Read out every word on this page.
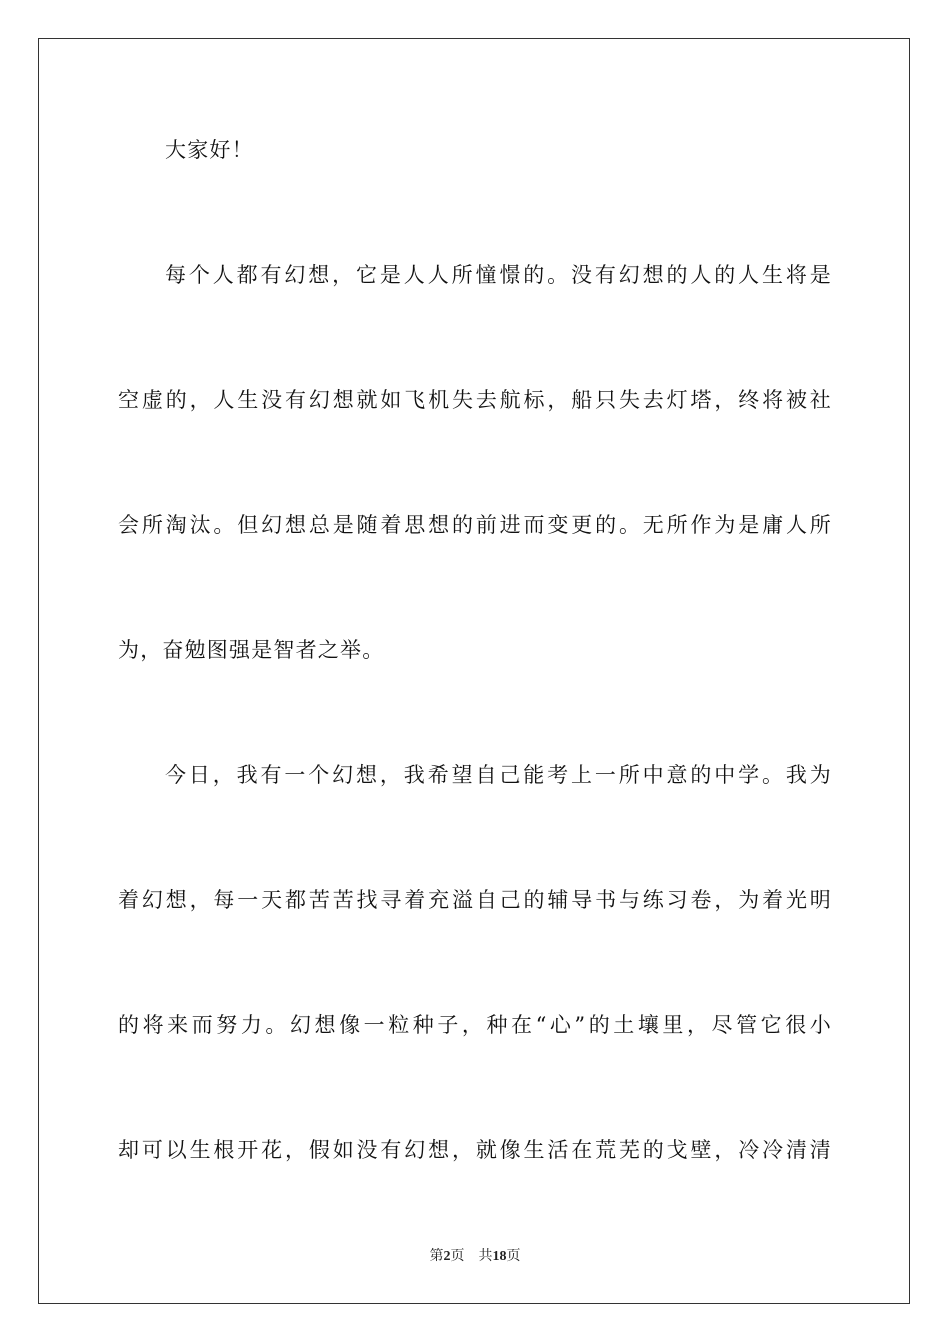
大家好！
每个人都有幻想，它是人人所憧憬的。没有幻想的人的人生将是
空虚的，人生没有幻想就如飞机失去航标，船只失去灯塔，终将被社
会所淘汰。但幻想总是随着思想的前进而变更的。无所作为是庸人所
为，奋勉图强是智者之举。
今日，我有一个幻想，我希望自己能考上一所中意的中学。我为
着幻想，每一天都苦苦找寻着充溢自己的辅导书与练习卷，为着光明
的将来而努力。幻想像一粒种子，种在“心”的土壤里，尽管它很小
却可以生根开花，假如没有幻想，就像生活在荒芜的戈壁，冷冷清清
第2页 共18页
